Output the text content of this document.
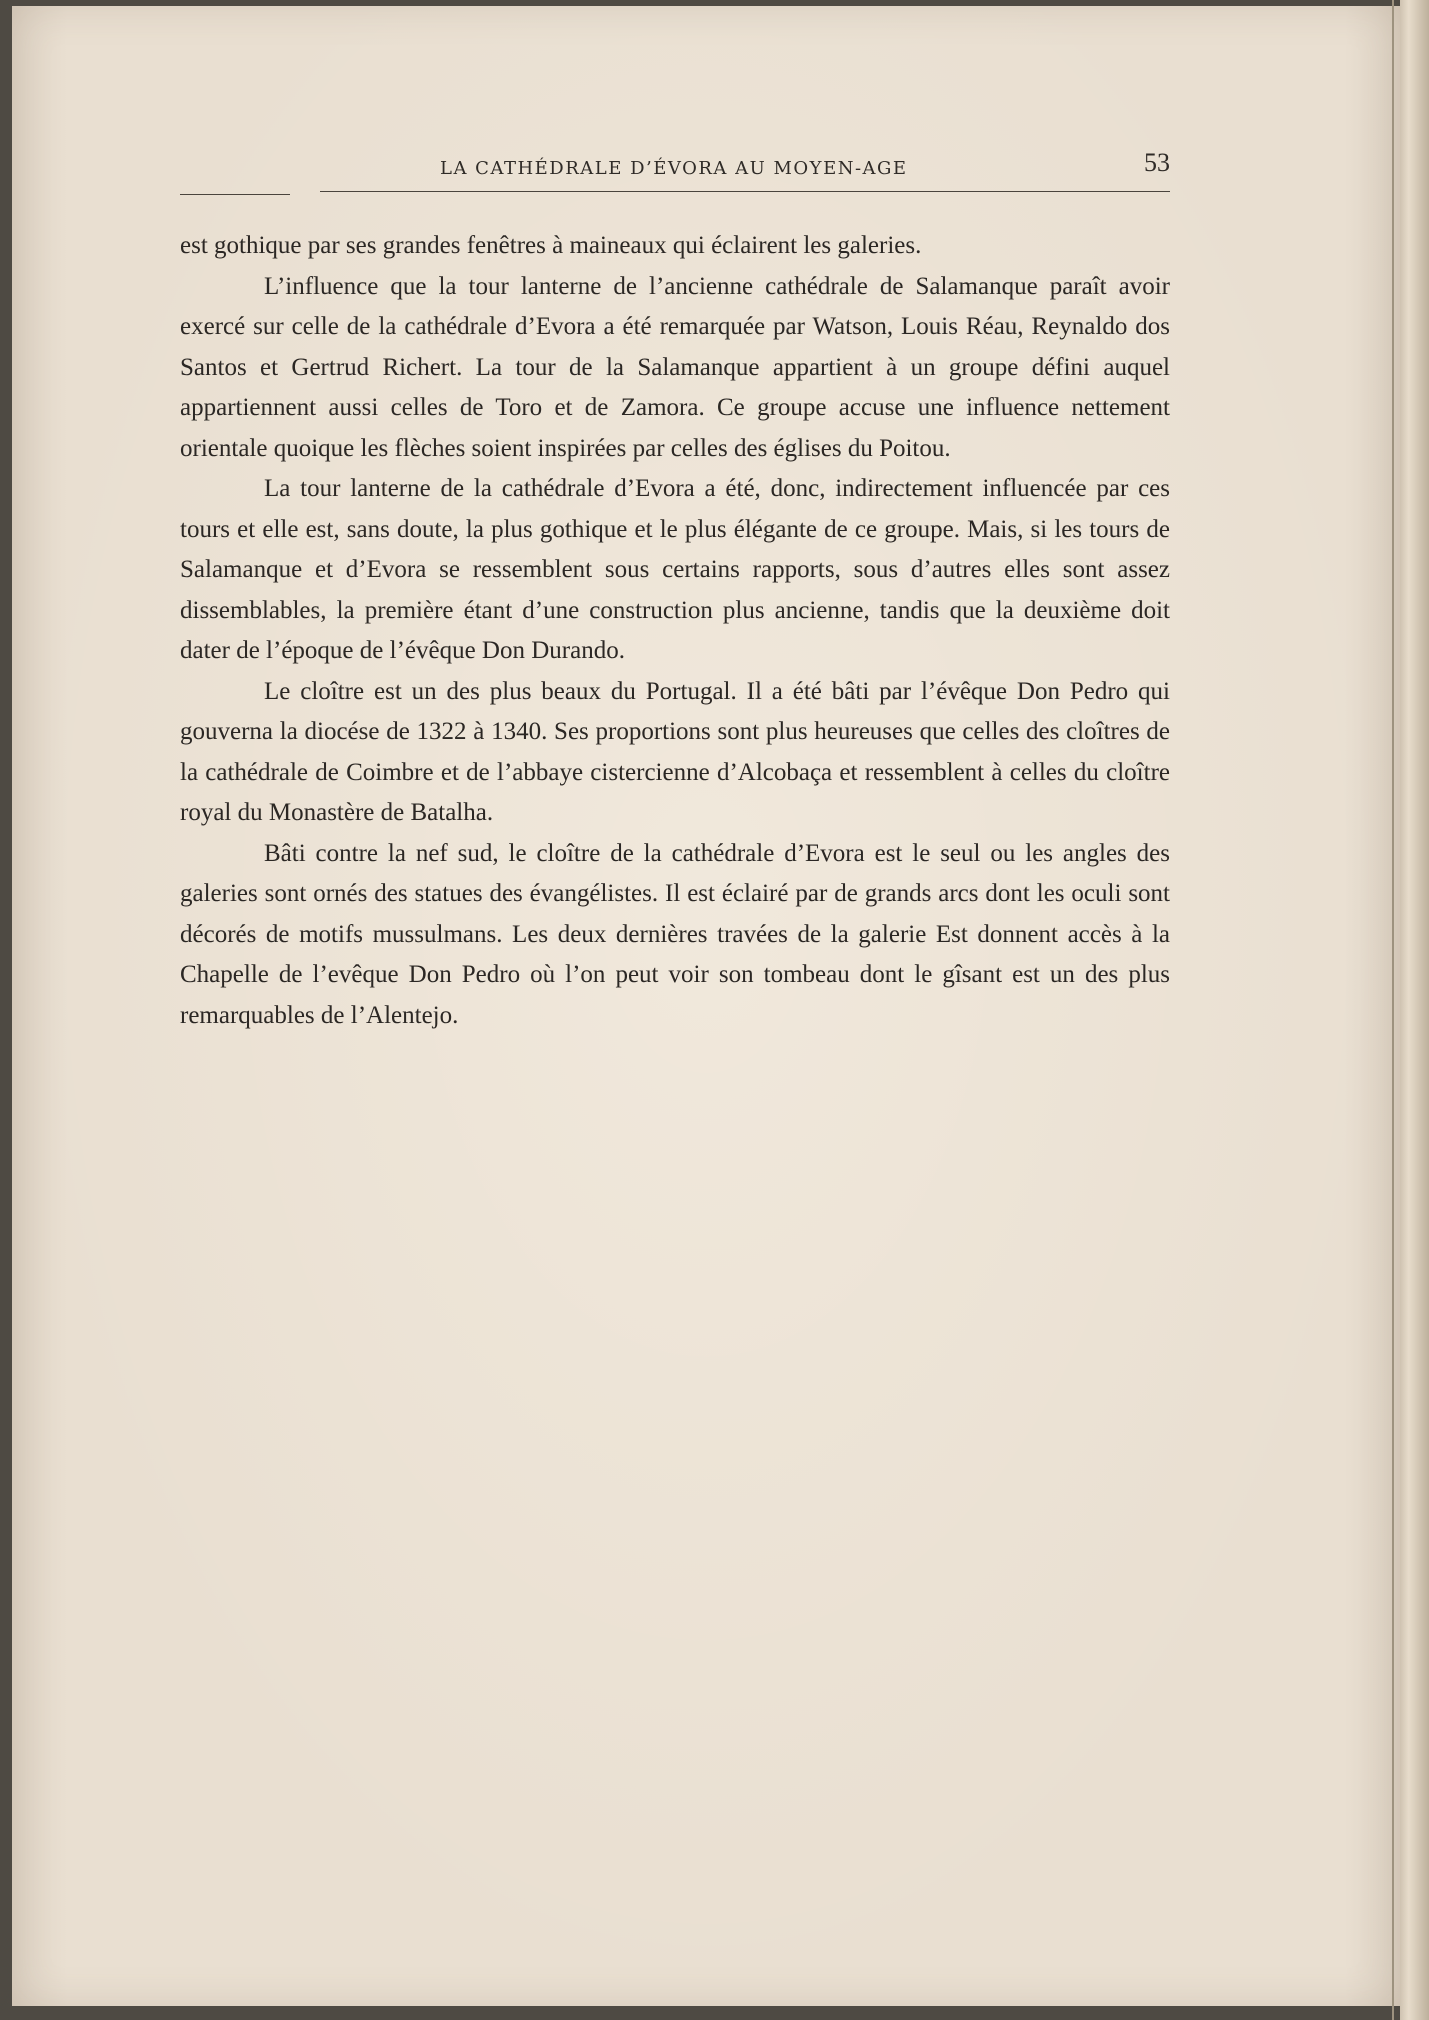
LA CATHÉDRALE D’ÉVORA AU MOYEN-AGE	53

est gothique par ses grandes fenêtres à maineaux qui éclairent les galeries.

L’influence que la tour lanterne de l’ancienne cathédrale de Salamanque paraît avoir exercé sur celle de la cathédrale d’Evora a été remarquée par Watson, Louis Réau, Reynaldo dos Santos et Gertrud Richert. La tour de la Salamanque appartient à un groupe défini auquel appartiennent aussi celles de Toro et de Zamora. Ce groupe accuse une influence nettement orientale quoique les flèches soient inspirées par celles des églises du Poitou.

La tour lanterne de la cathédrale d’Evora a été, donc, indirectement influencée par ces tours et elle est, sans doute, la plus gothique et le plus élégante de ce groupe. Mais, si les tours de Salamanque et d’Evora se ressemblent sous certains rapports, sous d’autres elles sont assez dissemblables, la première étant d’une construction plus ancienne, tandis que la deuxième doit dater de l’époque de l’évêque Don Durando.

Le cloître est un des plus beaux du Portugal. Il a été bâti par l’évêque Don Pedro qui gouverna la diocése de 1322 à 1340. Ses proportions sont plus heureuses que celles des cloîtres de la cathédrale de Coimbre et de l’abbaye cistercienne d’Alcobaça et ressemblent à celles du cloître royal du Monastère de Batalha.

Bâti contre la nef sud, le cloître de la cathédrale d’Evora est le seul ou les angles des galeries sont ornés des statues des évangélistes. Il est éclairé par de grands arcs dont les oculi sont décorés de motifs mussulmans. Les deux dernières travées de la galerie Est donnent accès à la Chapelle de l’evêque Don Pedro où l’on peut voir son tombeau dont le gîsant est un des plus remarquables de l’Alentejo.
